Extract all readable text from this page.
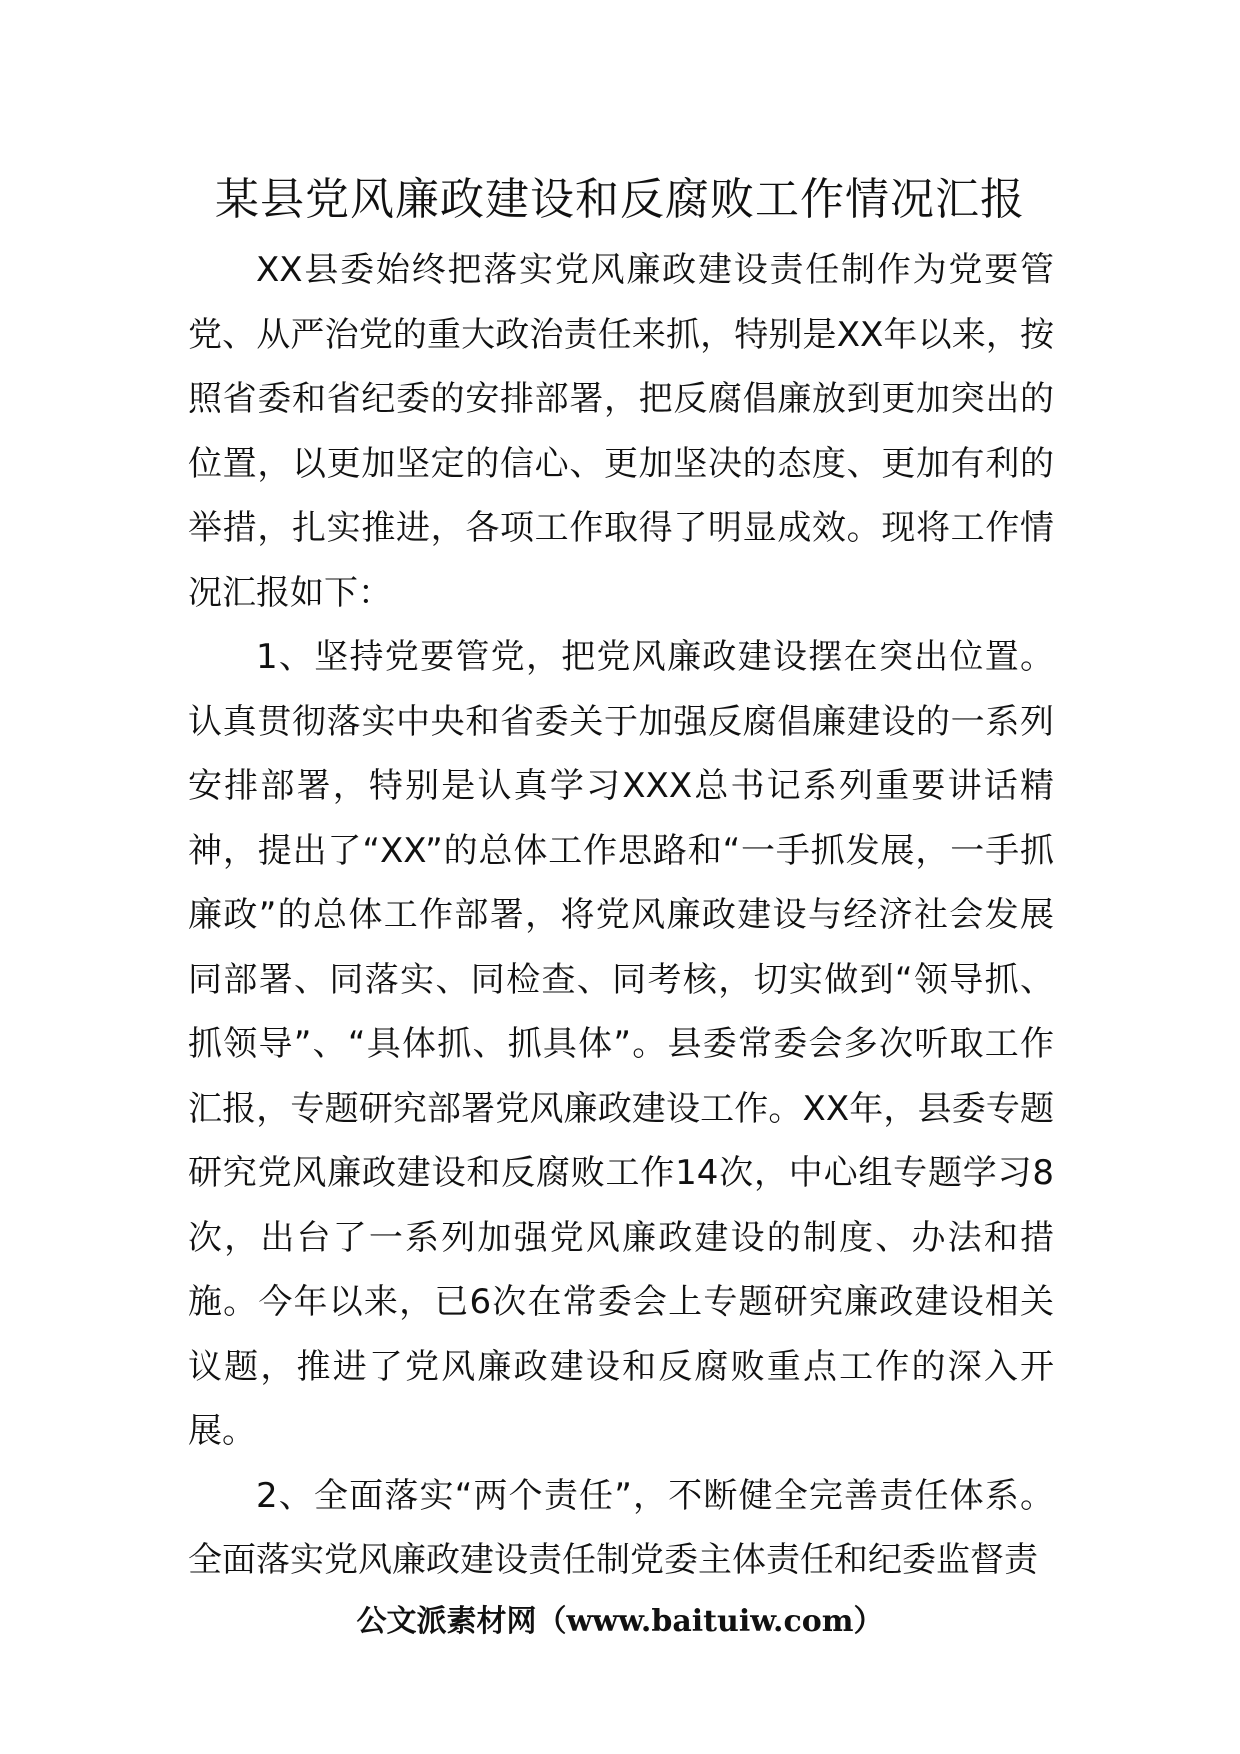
某县党风廉政建设和反腐败工作情况汇报

XX县委始终把落实党风廉政建设责任制作为党要管党、从严治党的重大政治责任来抓，特别是XX年以来，按照省委和省纪委的安排部署，把反腐倡廉放到更加突出的位置，以更加坚定的信心、更加坚决的态度、更加有利的举措，扎实推进，各项工作取得了明显成效。现将工作情况汇报如下：

1、坚持党要管党，把党风廉政建设摆在突出位置。认真贯彻落实中央和省委关于加强反腐倡廉建设的一系列安排部署，特别是认真学习XXX总书记系列重要讲话精神，提出了“XX”的总体工作思路和“一手抓发展，一手抓廉政”的总体工作部署，将党风廉政建设与经济社会发展同部署、同落实、同检查、同考核，切实做到“领导抓、抓领导”、“具体抓、抓具体”。县委常委会多次听取工作汇报，专题研究部署党风廉政建设工作。XX年，县委专题研究党风廉政建设和反腐败工作14次，中心组专题学习8次，出台了一系列加强党风廉政建设的制度、办法和措施。今年以来，已6次在常委会上专题研究廉政建设相关议题，推进了党风廉政建设和反腐败重点工作的深入开展。

2、全面落实“两个责任”，不断健全完善责任体系。全面落实党风廉政建设责任制党委主体责任和纪委监督责

公文派素材网（www.baituiw.com）
